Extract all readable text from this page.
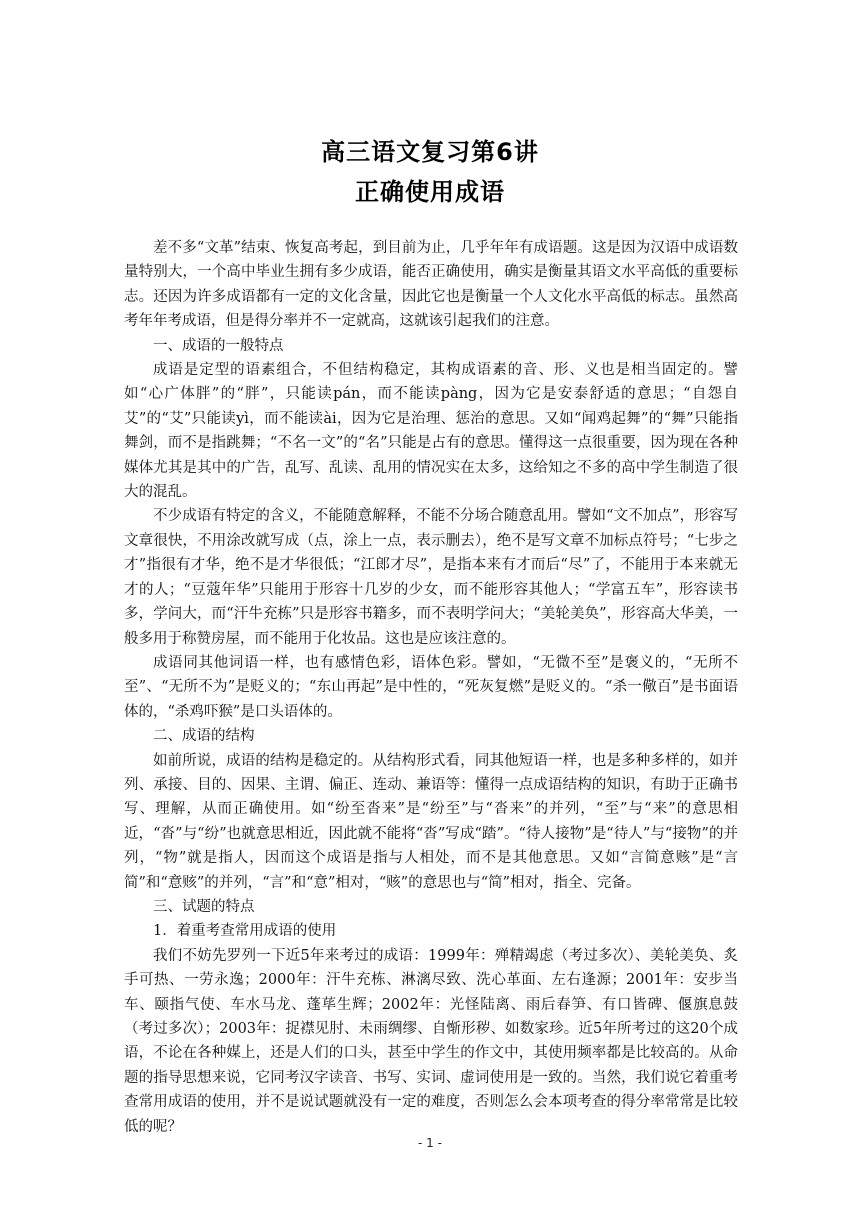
高三语文复习第6讲
正确使用成语

差不多“文革”结束、恢复高考起，到目前为止，几乎年年有成语题。这是因为汉语中成语数量特别大，一个高中毕业生拥有多少成语，能否正确使用，确实是衡量其语文水平高低的重要标志。还因为许多成语都有一定的文化含量，因此它也是衡量一个人文化水平高低的标志。虽然高考年年考成语，但是得分率并不一定就高，这就该引起我们的注意。

一、成语的一般特点

成语是定型的语素组合，不但结构稳定，其构成语素的音、形、义也是相当固定的。譬如“心广体胖”的“胖”，只能读pán，而不能读pàng，因为它是安泰舒适的意思；“自怨自艾”的“艾”只能读yì，而不能读ài，因为它是治理、惩治的意思。又如“闻鸡起舞”的“舞”只能指舞剑，而不是指跳舞；“不名一文”的“名”只能是占有的意思。懂得这一点很重要，因为现在各种媒体尤其是其中的广告，乱写、乱读、乱用的情况实在太多，这给知之不多的高中学生制造了很大的混乱。

不少成语有特定的含义，不能随意解释，不能不分场合随意乱用。譬如“文不加点”，形容写文章很快，不用涂改就写成（点，涂上一点，表示删去），绝不是写文章不加标点符号；“七步之才”指很有才华，绝不是才华很低；“江郎才尽”，是指本来有才而后“尽”了，不能用于本来就无才的人；“豆蔻年华”只能用于形容十几岁的少女，而不能形容其他人；“学富五车”，形容读书多，学问大，而“汗牛充栋”只是形容书籍多，而不表明学问大；“美轮美奂”，形容高大华美，一般多用于称赞房屋，而不能用于化妆品。这也是应该注意的。

成语同其他词语一样，也有感情色彩，语体色彩。譬如，“无微不至”是褒义的，“无所不至”、“无所不为”是贬义的；“东山再起”是中性的，“死灰复燃”是贬义的。“杀一儆百”是书面语体的，“杀鸡吓猴”是口头语体的。

二、成语的结构

如前所说，成语的结构是稳定的。从结构形式看，同其他短语一样，也是多种多样的，如并列、承接、目的、因果、主谓、偏正、连动、兼语等：懂得一点成语结构的知识，有助于正确书写、理解，从而正确使用。如“纷至沓来”是“纷至”与“沓来”的并列，“至”与“来”的意思相近，“沓”与“纷”也就意思相近，因此就不能将“沓”写成“踏”。“待人接物”是“待人”与“接物”的并列，“物”就是指人，因而这个成语是指与人相处，而不是其他意思。又如“言简意赅”是“言简”和“意赅”的并列，“言”和“意”相对，“赅”的意思也与“简”相对，指全、完备。

三、试题的特点

1．着重考查常用成语的使用

我们不妨先罗列一下近5年来考过的成语：1999年：殚精竭虑（考过多次）、美轮美奂、炙手可热、一劳永逸；2000年：汗牛充栋、淋漓尽致、洗心革面、左右逢源；2001年：安步当车、颐指气使、车水马龙、蓬荜生辉；2002年：光怪陆离、雨后春笋、有口皆碑、偃旗息鼓（考过多次）；2003年：捉襟见肘、未雨绸缪、自惭形秽、如数家珍。近5年所考过的这20个成语，不论在各种媒上，还是人们的口头，甚至中学生的作文中，其使用频率都是比较高的。从命题的指导思想来说，它同考汉字读音、书写、实词、虚词使用是一致的。当然，我们说它着重考查常用成语的使用，并不是说试题就没有一定的难度，否则怎么会本项考查的得分率常常是比较低的呢？

- 1 -
